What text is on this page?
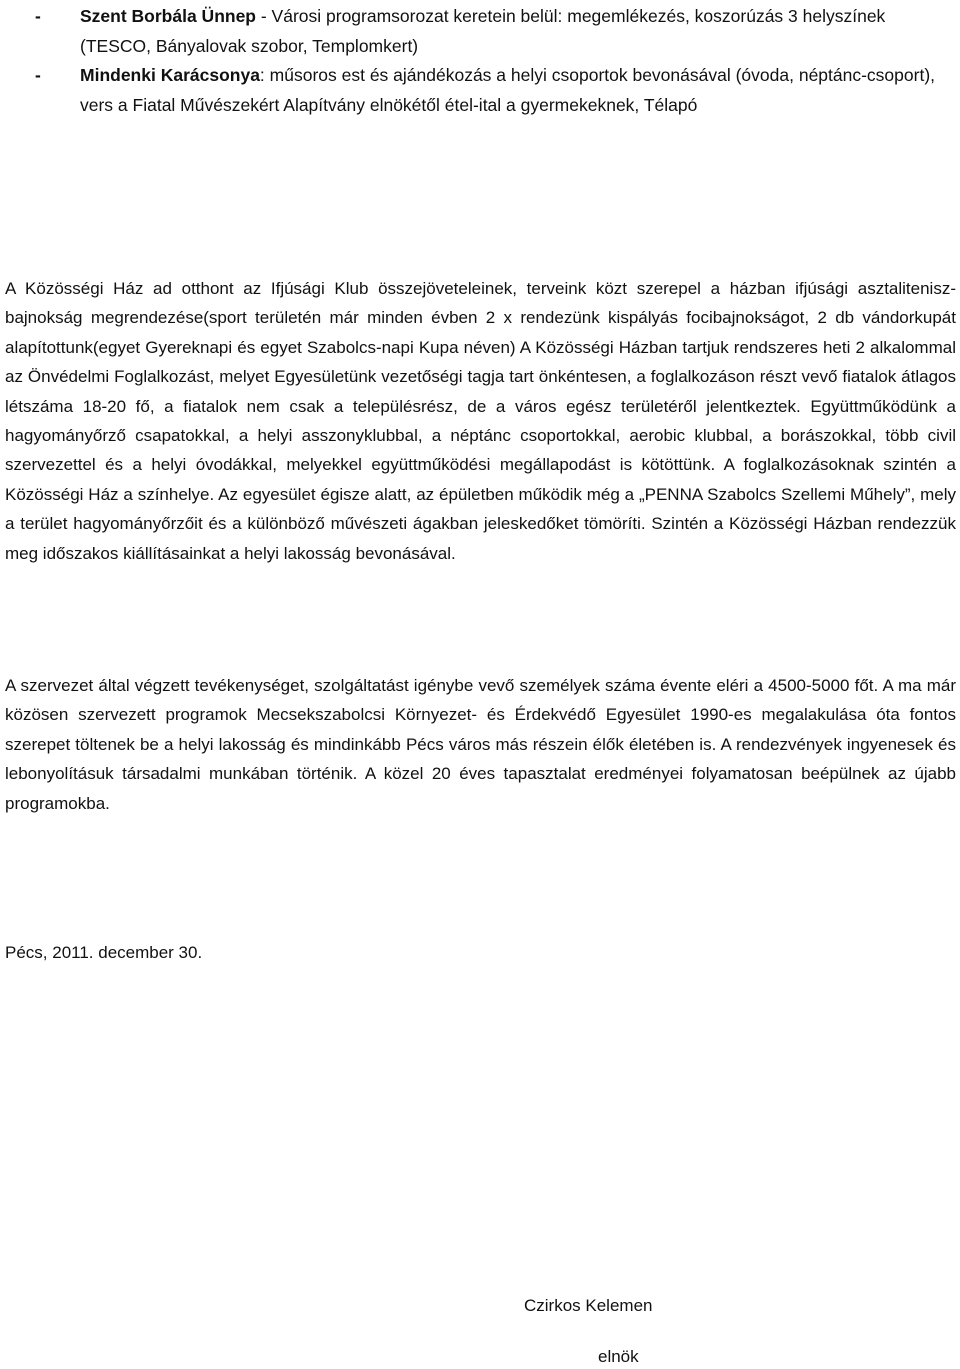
-	Szent Borbála Ünnep - Városi programsorozat keretein belül: megemlékezés, koszorúzás 3 helyszínek (TESCO, Bányalovak szobor, Templomkert)
-	Mindenki Karácsonya: műsoros est és ajándékozás a helyi csoportok bevonásával (óvoda, néptánc-csoport), vers a Fiatal Művészekért Alapítvány elnökétől étel-ital a gyermekeknek, Télapó

A Közösségi Ház ad otthont az Ifjúsági Klub összejöveteleinek, terveink közt szerepel a házban ifjúsági asztalitenisz-bajnokság megrendezése(sport területén már minden évben 2 x rendezünk kispályás focibajnokságot, 2 db vándorkupát alapítottunk(egyet Gyereknapi és egyet Szabolcs-napi Kupa néven) A Közösségi Házban tartjuk rendszeres heti 2 alkalommal az Önvédelmi Foglalkozást, melyet Egyesületünk vezetőségi tagja tart önkéntesen, a foglalkozáson részt vevő fiatalok átlagos létszáma 18-20 fő, a fiatalok nem csak a településrész, de a város egész területéről jelentkeztek. Együttműködünk a hagyományőrző csapatokkal, a helyi asszonyklubbal, a néptánc csoportokkal, aerobic klubbal, a borászokkal, több civil szervezettel és a helyi óvodákkal, melyekkel együttműködési megállapodást is kötöttünk. A foglalkozásoknak szintén a Közösségi Ház a színhelye. Az egyesület égisze alatt, az épületben működik még a „PENNA Szabolcs Szellemi Műhely”, mely a terület hagyományőrzőit és a különböző művészeti ágakban jeleskedőket tömöríti. Szintén a Közösségi Házban rendezzük meg időszakos kiállításainkat a helyi lakosság bevonásával.

A szervezet által végzett tevékenységet, szolgáltatást igénybe vevő személyek száma évente eléri a 4500-5000 főt. A ma már közösen szervezett programok Mecsekszabolcsi Környezet- és Érdekvédő Egyesület 1990-es megalakulása óta fontos szerepet töltenek be a helyi lakosság és mindinkább Pécs város más részein élők életében is. A rendezvények ingyenesek és lebonyolításuk társadalmi munkában történik. A közel 20 éves tapasztalat eredményei folyamatosan beépülnek az újabb programokba.

Pécs, 2011. december 30.

Czirkos Kelemen

elnök
